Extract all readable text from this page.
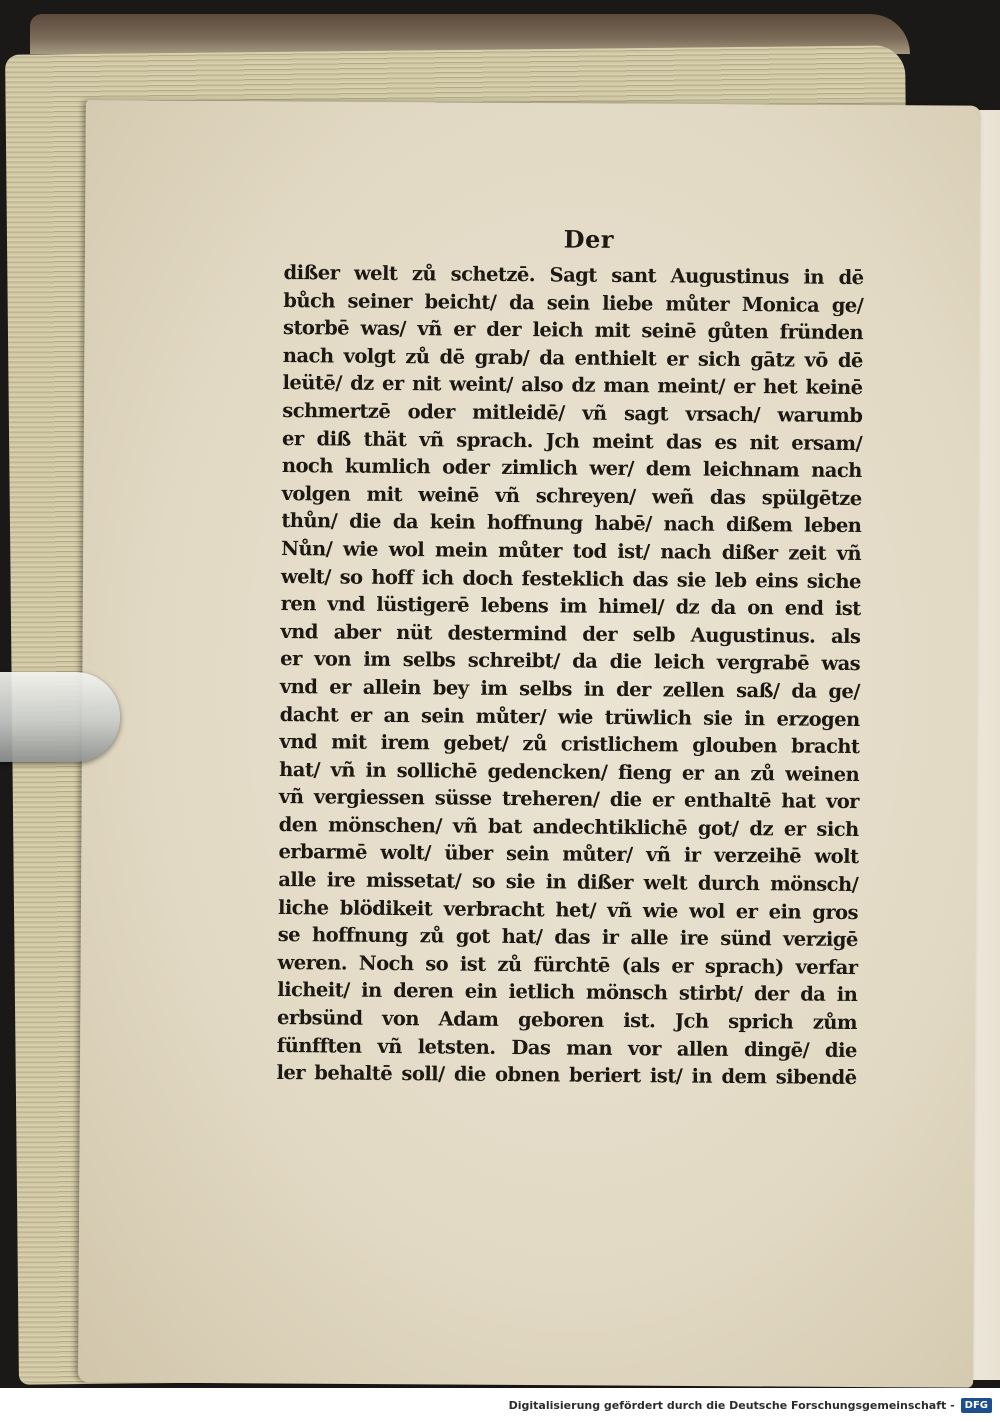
Der
dißer welt zů schetzē. Sagt sant Augustinus in dē
bůch seiner beicht/ da sein liebe můter Monica ge/
storbē was/ vñ er der leich mit seinē gůten fründen
nach volgt zů dē grab/ da enthielt er sich gātz vō dē
leütē/ dz er nit weint/ also dz man meint/ er het keinē
schmertzē oder mitleidē/ vñ sagt vrsach/ warumb
er diß thät vñ sprach. Jch meint das es nit ersam/
noch kumlich oder zimlich wer/ dem leichnam nach
volgen mit weinē vñ schreyen/ weñ das spülgētze
thůn/ die da kein hoffnung habē/ nach dißem leben
Nůn/ wie wol mein můter tod ist/ nach dißer zeit vñ
welt/ so hoff ich doch festeklich das sie leb eins siche
ren vnd lüstigerē lebens im himel/ dz da on end ist
vnd aber nüt destermind der selb Augustinus. als
er von im selbs schreibt/ da die leich vergrabē was
vnd er allein bey im selbs in der zellen saß/ da ge/
dacht er an sein můter/ wie trüwlich sie in erzogen
vnd mit irem gebet/ zů cristlichem glouben bracht
hat/ vñ in sollichē gedencken/ fieng er an zů weinen
vñ vergiessen süsse treheren/ die er enthaltē hat vor
den mönschen/ vñ bat andechtiklichē got/ dz er sich
erbarmē wolt/ über sein můter/ vñ ir verzeihē wolt
alle ire missetat/ so sie in dißer welt durch mönsch/
liche blödikeit verbracht het/ vñ wie wol er ein gros
se hoffnung zů got hat/ das ir alle ire sünd verzigē
weren. Noch so ist zů fürchtē (als er sprach) verfar
licheit/ in deren ein ietlich mönsch stirbt/ der da in
erbsünd von Adam geboren ist. Jch sprich zům
fünfften vñ letsten. Das man vor allen dingē/ die
ler behaltē soll/ die obnen beriert ist/ in dem sibendē
Digitalisierung gefördert durch die Deutsche Forschungsgemeinschaft -	DFG
